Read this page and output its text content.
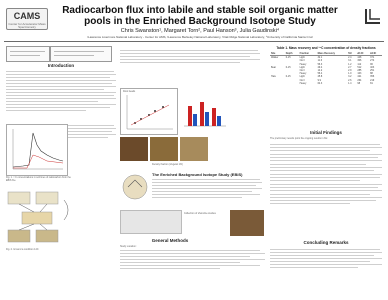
CAMS
Center for Accelerator Mass Spectrometry
Radiocarbon flux into labile and stable soil organic matter
pools in the Enriched Background Isotope Study
Chris Swanston¹, Margaret Torn², Paul Hanson³, Julia Gaudinski⁴
¹Lawrence Livermore National Laboratory - Center for AMS, ²Lawrence Berkeley National Laboratory, ³Oak Ridge National Laboratory, ⁴University of California Santa Cruz
Introduction
Fig. 1. ¹⁴C concentrations in soil lines of radiocarbon from the EBIS fire.
Fig. 2. Ground a condition 14C
Root beads
Density fraction (Vegetal 1%)
The Enriched Background Isotope Study (EBIS)
Collection of shoreline studies
General Methods
Study Location:
Table 1. Mass recovery and ¹⁴C concentration of density fractions
Site	Depth	Fraction	Mass Recovery	%C	Δ14C	Δ14C
Walker	0-15	Light	32.1	2.4	448	371
		Occl	11.6	3.1	306	274
		Heavy	56.3	1.2	112	96
Bear	0-15	Light	29.4	2.7	512	403
		Occl	14.2	2.9	285	251
		Heavy	56.4	1.0	103	88
Haw	0-15	Light	25.8	3.2	421	356
		Occl	9.9	2.6	264	219
		Heavy	64.3	1.4	98	81
Initial Findings
The preliminary results point the ongoing results in fits:
Concluding Remarks
